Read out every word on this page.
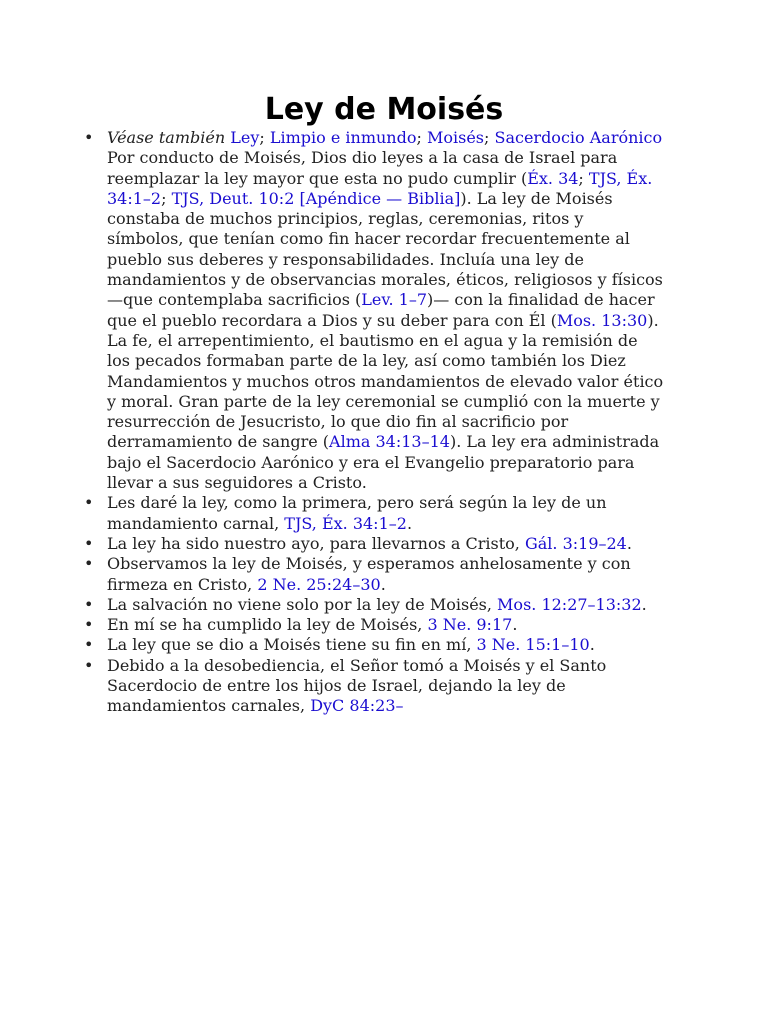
Ley de Moisés
• Véase también Ley; Limpio e inmundo; Moisés; Sacerdocio Aarónico
Por conducto de Moisés, Dios dio leyes a la casa de Israel para reemplazar la ley mayor que esta no pudo cumplir (Éx. 34; TJS, Éx. 34:1–2; TJS, Deut. 10:2 [Apéndice — Biblia]). La ley de Moisés constaba de muchos principios, reglas, ceremonias, ritos y símbolos, que tenían como fin hacer recordar frecuentemente al pueblo sus deberes y responsabilidades. Incluía una ley de mandamientos y de observancias morales, éticos, religiosos y físicos —que contemplaba sacrificios (Lev. 1–7)— con la finalidad de hacer que el pueblo recordara a Dios y su deber para con Él (Mos. 13:30). La fe, el arrepentimiento, el bautismo en el agua y la remisión de los pecados formaban parte de la ley, así como también los Diez Mandamientos y muchos otros mandamientos de elevado valor ético y moral. Gran parte de la ley ceremonial se cumplió con la muerte y resurrección de Jesucristo, lo que dio fin al sacrificio por derramamiento de sangre (Alma 34:13–14). La ley era administrada bajo el Sacerdocio Aarónico y era el Evangelio preparatorio para llevar a sus seguidores a Cristo.
• Les daré la ley, como la primera, pero será según la ley de un mandamiento carnal, TJS, Éx. 34:1–2.
• La ley ha sido nuestro ayo, para llevarnos a Cristo, Gál. 3:19–24.
• Observamos la ley de Moisés, y esperamos anhelosamente y con firmeza en Cristo, 2 Ne. 25:24–30.
• La salvación no viene solo por la ley de Moisés, Mos. 12:27–13:32.
• En mí se ha cumplido la ley de Moisés, 3 Ne. 9:17.
• La ley que se dio a Moisés tiene su fin en mí, 3 Ne. 15:1–10.
• Debido a la desobediencia, el Señor tomó a Moisés y el Santo Sacerdocio de entre los hijos de Israel, dejando la ley de mandamientos carnales, DyC 84:23–
